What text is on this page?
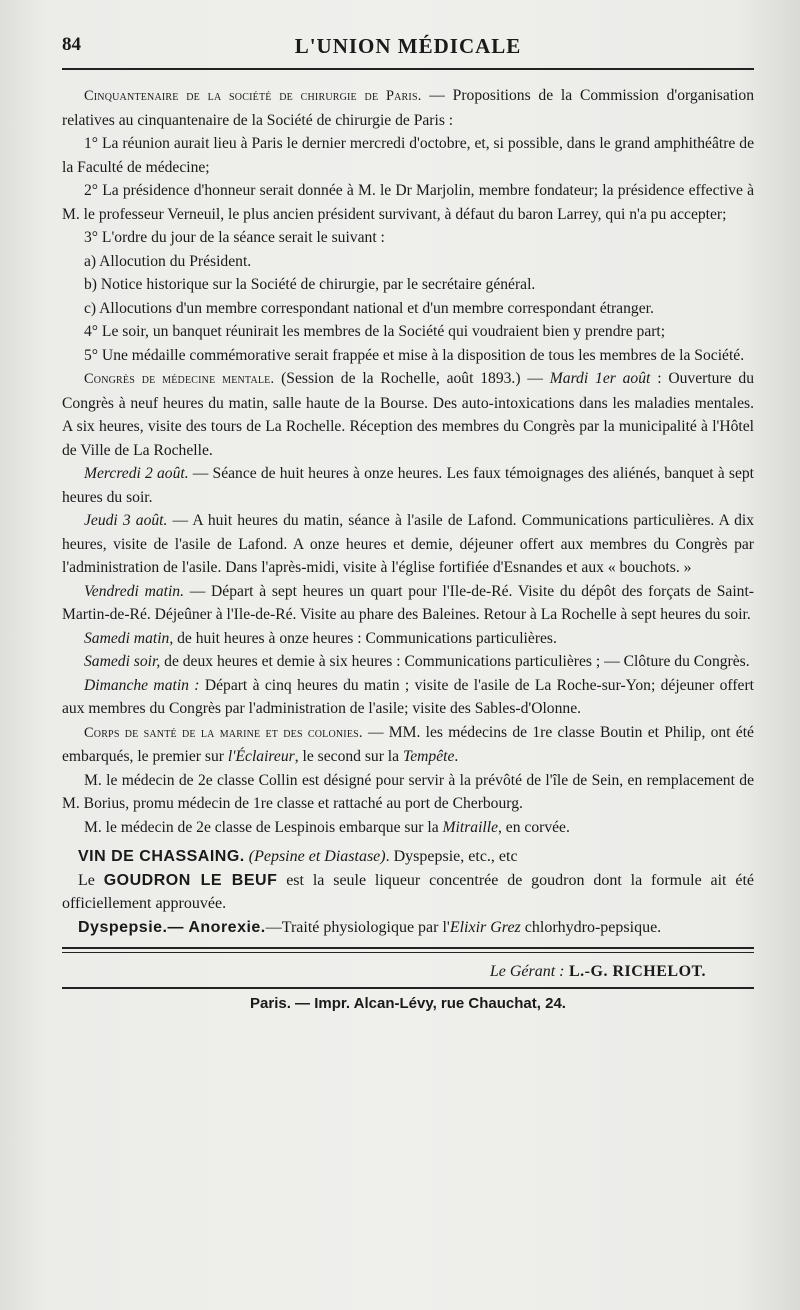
84	L'UNION MÉDICALE

Cinquantenaire de la société de chirurgie de Paris. — Propositions de la Commission d'organisation relatives au cinquantenaire de la Société de chirurgie de Paris :

1° La réunion aurait lieu à Paris le dernier mercredi d'octobre, et, si possible, dans le grand amphithéâtre de la Faculté de médecine;

2° La présidence d'honneur serait donnée à M. le Dr Marjolin, membre fondateur; la présidence effective à M. le professeur Verneuil, le plus ancien président survivant, à défaut du baron Larrey, qui n'a pu accepter;

3° L'ordre du jour de la séance serait le suivant :

a) Allocution du Président.

b) Notice historique sur la Société de chirurgie, par le secrétaire général.

c) Allocutions d'un membre correspondant national et d'un membre correspondant étranger.

4° Le soir, un banquet réunirait les membres de la Société qui voudraient bien y prendre part;

5° Une médaille commémorative serait frappée et mise à la disposition de tous les membres de la Société.

Congrès de médecine mentale. (Session de la Rochelle, août 1893.) — Mardi 1er août : Ouverture du Congrès à neuf heures du matin, salle haute de la Bourse. Des auto-intoxications dans les maladies mentales. A six heures, visite des tours de La Rochelle. Réception des membres du Congrès par la municipalité à l'Hôtel de Ville de La Rochelle.

Mercredi 2 août. — Séance de huit heures à onze heures. Les faux témoignages des aliénés, banquet à sept heures du soir.

Jeudi 3 août. — A huit heures du matin, séance à l'asile de Lafond. Communications particulières. A dix heures, visite de l'asile de Lafond. A onze heures et demie, déjeuner offert aux membres du Congrès par l'administration de l'asile. Dans l'après-midi, visite à l'église fortifiée d'Esnandes et aux « bouchots. »

Vendredi matin. — Départ à sept heures un quart pour l'Ile-de-Ré. Visite du dépôt des forçats de Saint-Martin-de-Ré. Déjeûner à l'Ile-de-Ré. Visite au phare des Baleines. Retour à La Rochelle à sept heures du soir.

Samedi matin, de huit heures à onze heures : Communications particulières.

Samedi soir, de deux heures et demie à six heures : Communications particulières ; — Clôture du Congrès.

Dimanche matin : Départ à cinq heures du matin ; visite de l'asile de La Roche-sur-Yon; déjeuner offert aux membres du Congrès par l'administration de l'asile; visite des Sables-d'Olonne.

Corps de santé de la marine et des colonies. — MM. les médecins de 1re classe Boutin et Philip, ont été embarqués, le premier sur l'Éclaireur, le second sur la Tempête.

M. le médecin de 2e classe Collin est désigné pour servir à la prévôté de l'île de Sein, en remplacement de M. Borius, promu médecin de 1re classe et rattaché au port de Cherbourg.

M. le médecin de 2e classe de Lespinois embarque sur la Mitraille, en corvée.

VIN DE CHASSAING. (Pepsine et Diastase). Dyspepsie, etc., etc

Le GOUDRON LE BEUF est la seule liqueur concentrée de goudron dont la formule ait été officiellement approuvée.

Dyspepsie.— Anorexie.—Traité physiologique par l'Elixir Grez chlorhydro-pepsique.

Le Gérant : L.-G. RICHELOT.
Paris. — Impr. Alcan-Lévy, rue Chauchat, 24.
